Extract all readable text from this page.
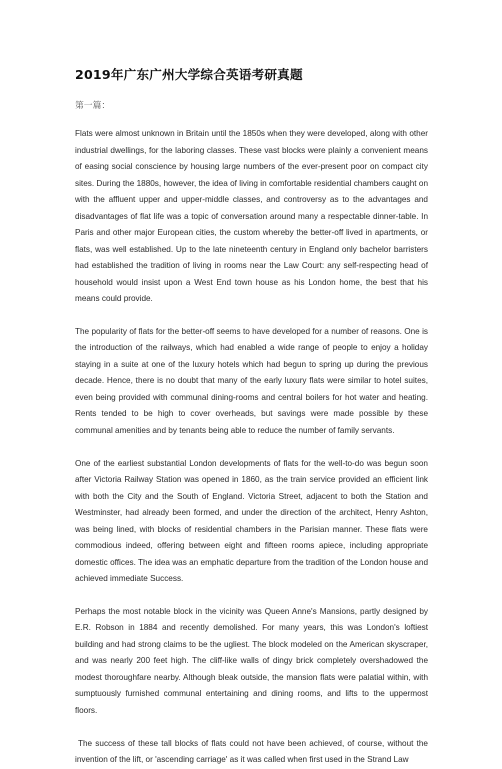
2019年广东广州大学综合英语考研真题
第一篇：

Flats were almost unknown in Britain until the 1850s when they were developed, along with other industrial dwellings, for the laboring classes. These vast blocks were plainly a convenient means of easing social conscience by housing large numbers of the ever-present poor on compact city sites. During the 1880s, however, the idea of living in comfortable residential chambers caught on with the affluent upper and upper-middle classes, and controversy as to the advantages and disadvantages of flat life was a topic of conversation around many a respectable dinner-table. In Paris and other major European cities, the custom whereby the better-off lived in apartments, or flats, was well established. Up to the late nineteenth century in England only bachelor barristers had established the tradition of living in rooms near the Law Court: any self-respecting head of household would insist upon a West End town house as his London home, the best that his means could provide.

The popularity of flats for the better-off seems to have developed for a number of reasons. One is the introduction of the railways, which had enabled a wide range of people to enjoy a holiday staying in a suite at one of the luxury hotels which had begun to spring up during the previous decade. Hence, there is no doubt that many of the early luxury flats were similar to hotel suites, even being provided with communal dining-rooms and central boilers for hot water and heating. Rents tended to be high to cover overheads, but savings were made possible by these communal amenities and by tenants being able to reduce the number of family servants.

One of the earliest substantial London developments of flats for the well-to-do was begun soon after Victoria Railway Station was opened in 1860, as the train service provided an efficient link with both the City and the South of England. Victoria Street, adjacent to both the Station and Westminster, had already been formed, and under the direction of the architect, Henry Ashton, was being lined, with blocks of residential chambers in the Parisian manner. These flats were commodious indeed, offering between eight and fifteen rooms apiece, including appropriate domestic offices. The idea was an emphatic departure from the tradition of the London house and achieved immediate Success.

Perhaps the most notable block in the vicinity was Queen Anne's Mansions, partly designed by E.R. Robson in 1884 and recently demolished. For many years, this was London's loftiest building and had strong claims to be the ugliest. The block modeled on the American skyscraper, and was nearly 200 feet high. The cliff-like walls of dingy brick completely overshadowed the modest thoroughfare nearby. Although bleak outside, the mansion flats were palatial within, with sumptuously furnished communal entertaining and dining rooms, and lifts to the uppermost floors.

The success of these tall blocks of flats could not have been achieved, of course, without the invention of the lift, or 'ascending carriage' as it was called when first used in the Strand Law
